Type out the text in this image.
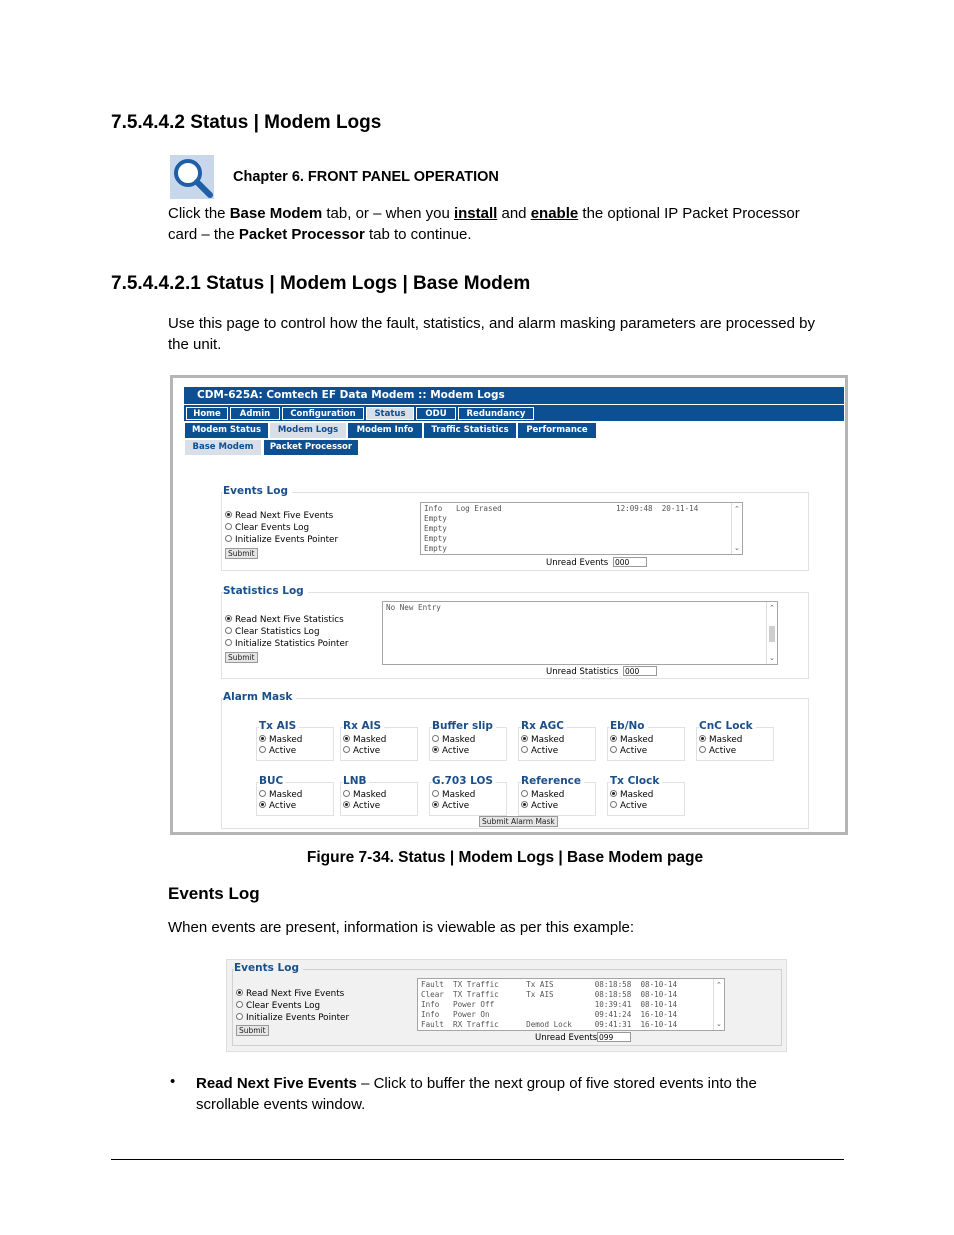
7.5.4.4.2 Status | Modem Logs
Chapter 6. FRONT PANEL OPERATION
Click the Base Modem tab, or – when you install and enable the optional IP Packet Processor card – the Packet Processor tab to continue.
7.5.4.4.2.1 Status | Modem Logs | Base Modem
Use this page to control how the fault, statistics, and alarm masking parameters are processed by the unit.
CDM-625A: Comtech EF Data Modem :: Modem Logs
Home	Admin	Configuration	Status	ODU	Redundancy
Modem Status	Modem Logs	Modem Info	Traffic Statistics	Performance
Base Modem	Packet Processor
Events Log
Read Next Five Events
Clear Events Log
Initialize Events Pointer
Submit
Info   Log Erased                         12:09:48  20-11-14
Empty
Empty
Empty
Empty
⌃
⌄
Unread Events 000
Statistics Log
Read Next Five Statistics
Clear Statistics Log
Initialize Statistics Pointer
Submit
No New Entry	⌃
⌄
Unread Statistics 000
Alarm Mask
Tx AIS
Masked
Active
Rx AIS
Masked
Active
Buffer slip
Masked
Active
Rx AGC
Masked
Active
Eb/No
Masked
Active
CnC Lock
Masked
Active
BUC
Masked
Active
LNB
Masked
Active
G.703 LOS
Masked
Active
Reference
Masked
Active
Tx Clock
Masked
Active
Submit Alarm Mask
Figure 7-34. Status | Modem Logs | Base Modem page
Events Log
When events are present, information is viewable as per this example:
Events Log
Read Next Five Events
Clear Events Log
Initialize Events Pointer
Submit
Fault  TX Traffic      Tx AIS         08:18:58  08-10-14
Clear  TX Traffic      Tx AIS         08:18:58  08-10-14
Info   Power Off                      10:39:41  08-10-14
Info   Power On                       09:41:24  16-10-14
Fault  RX Traffic      Demod Lock     09:41:31  16-10-14
⌃
⌄
Unread Events 099
• Read Next Five Events – Click to buffer the next group of five stored events into the scrollable events window.
